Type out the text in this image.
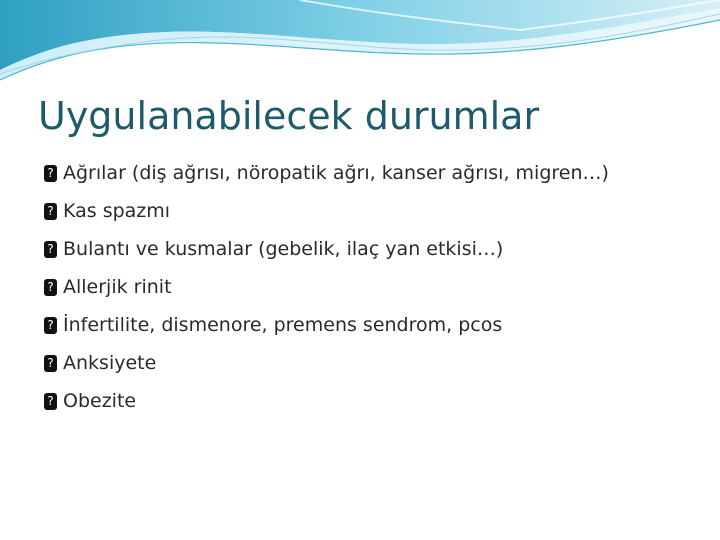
Uygulanabilecek durumlar
? Ağrılar (diş ağrısı, nöropatik ağrı, kanser ağrısı, migren…)
? Kas spazmı
? Bulantı ve kusmalar (gebelik, ilaç yan etkisi…)
? Allerjik rinit
? İnfertilite, dismenore, premens sendrom, pcos
? Anksiyete
? Obezite
